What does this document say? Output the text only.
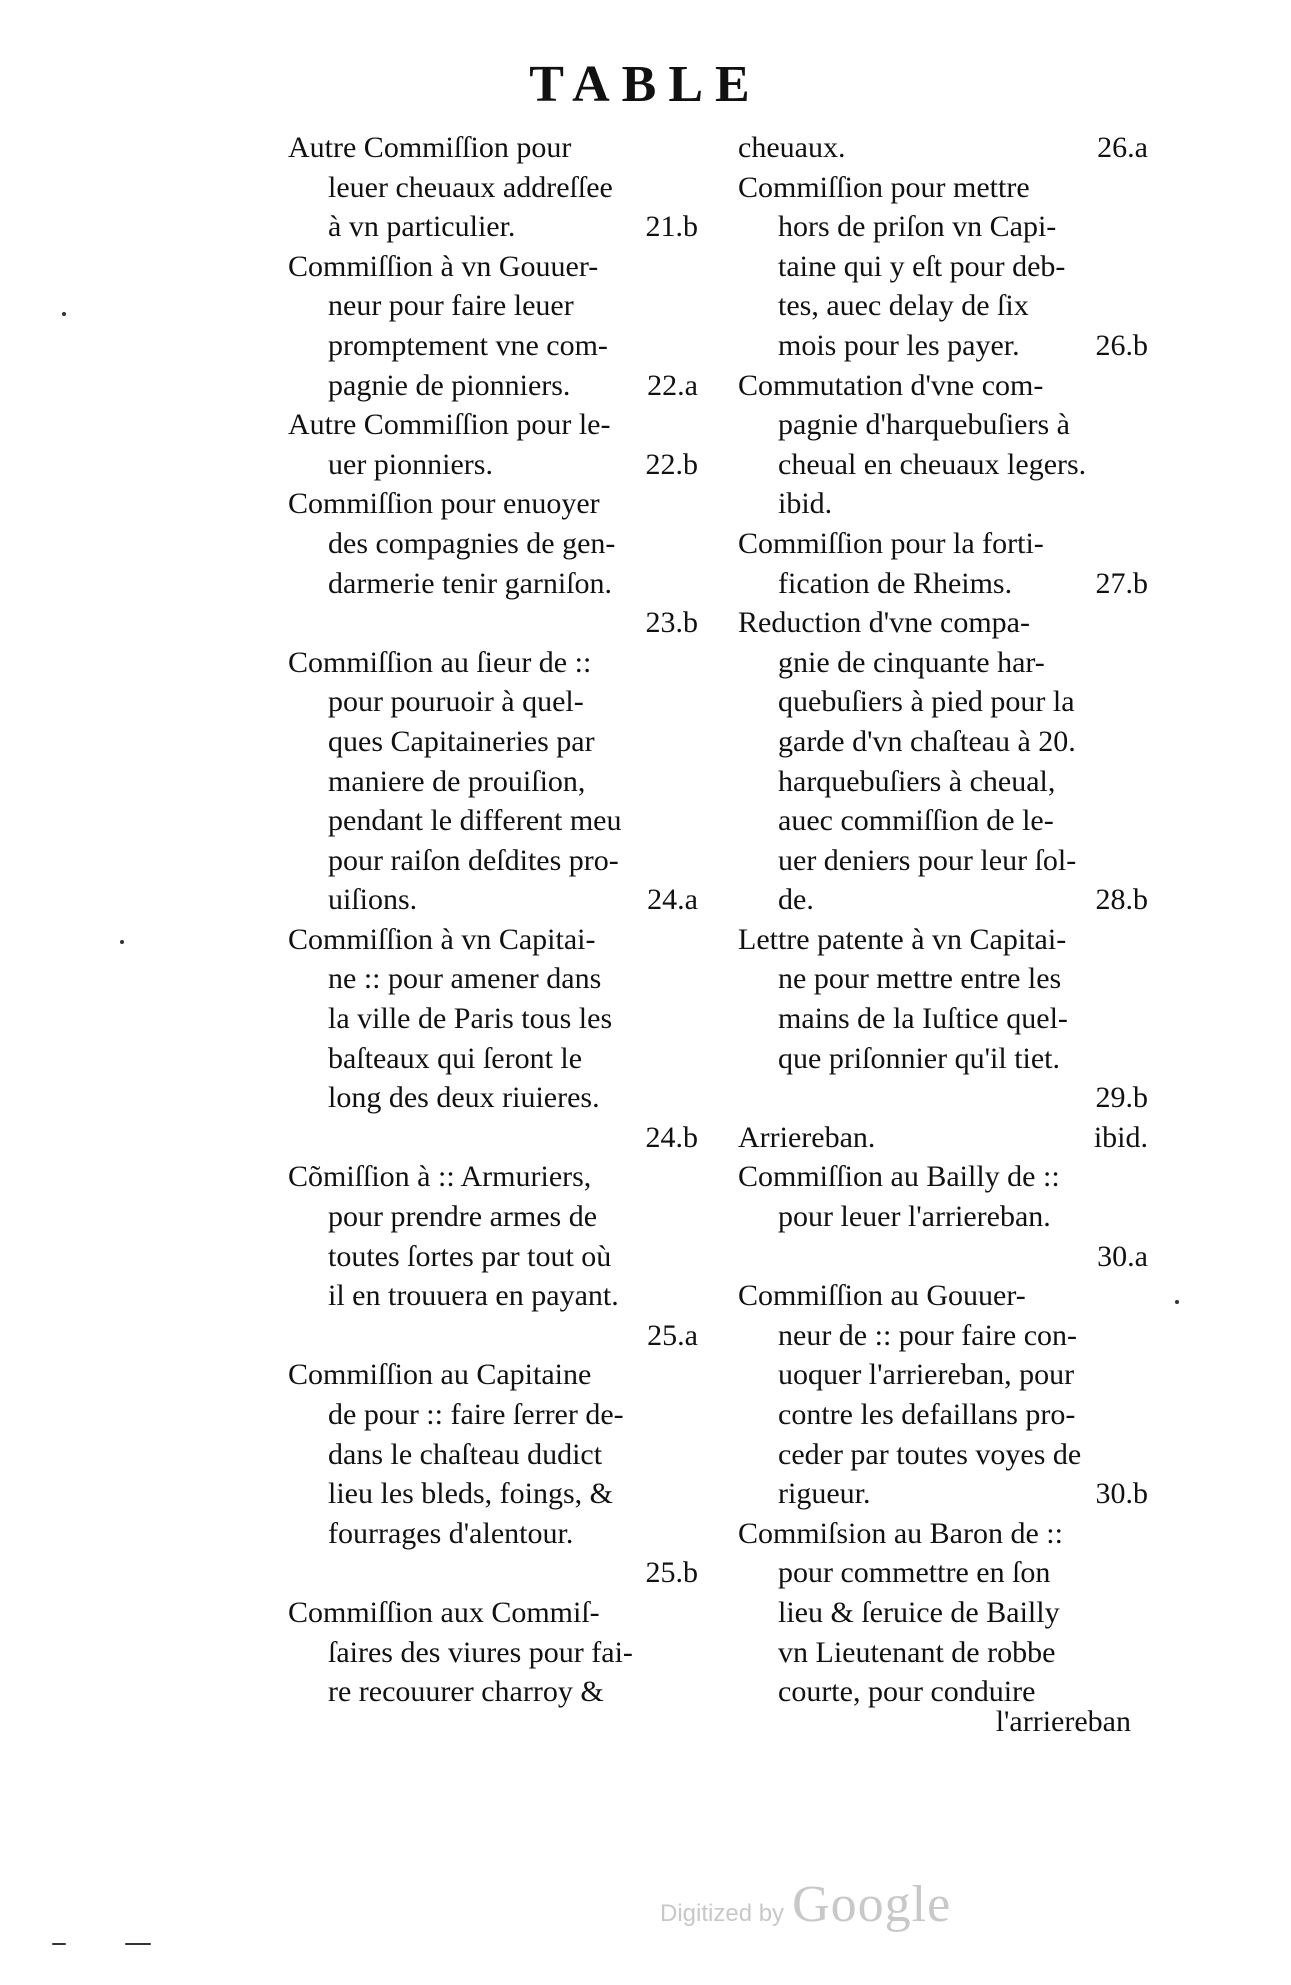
TABLE
Autre Commiſſion pour
leuer cheuaux addreſſee
21.b
à vn particulier.
Commiſſion à vn Gouuer-
neur pour faire leuer
promptement vne com-
22.a
pagnie de pionniers.
Autre Commiſſion pour le-
22.b
uer pionniers.
Commiſſion pour enuoyer
des compagnies de gen-
darmerie tenir garniſon.

23.b
Commiſſion au ſieur de ::
pour pouruoir à quel-
ques Capitaineries par
maniere de prouiſion,
pendant le different meu
pour raiſon deſdites pro-
24.a
uiſions.
Commiſſion à vn Capitai-
ne :: pour amener dans
la ville de Paris tous les
baſteaux qui ſeront le
long des deux riuieres.

24.b
Cõmiſſion à :: Armuriers,
pour prendre armes de
toutes ſortes par tout où
il en trouuera en payant.

25.a
Commiſſion au Capitaine
de pour :: faire ſerrer de-
dans le chaſteau dudict
lieu les bleds, foings, &
fourrages d'alentour.

25.b
Commiſſion aux Commiſ-
ſaires des viures pour fai-
re recouurer charroy &
26.a
cheuaux.
Commiſſion pour mettre
hors de priſon vn Capi-
taine qui y eſt pour deb-
tes, auec delay de ſix
26.b
mois pour les payer.
Commutation d'vne com-
pagnie d'harquebuſiers à
cheual en cheuaux legers.
ibid.
Commiſſion pour la forti-
27.b
fication de Rheims.
Reduction d'vne compa-
gnie de cinquante har-
quebuſiers à pied pour la
garde d'vn chaſteau à 20.
harquebuſiers à cheual,
auec commiſſion de le-
uer deniers pour leur ſol-
28.b
de.
Lettre patente à vn Capitai-
ne pour mettre entre les
mains de la Iuſtice quel-
que priſonnier qu'il tiet.

29.b
ibid.
Arriereban.
Commiſſion au Bailly de ::
pour leuer l'arriereban.

30.a
Commiſſion au Gouuer-
neur de :: pour faire con-
uoquer l'arriereban, pour
contre les defaillans pro-
ceder par toutes voyes de
30.b
rigueur.
Commiſsion au Baron de ::
pour commettre en ſon
lieu & ſeruice de Bailly
vn Lieutenant de robbe
courte, pour conduire
l'arriereban
Digitized by Google
